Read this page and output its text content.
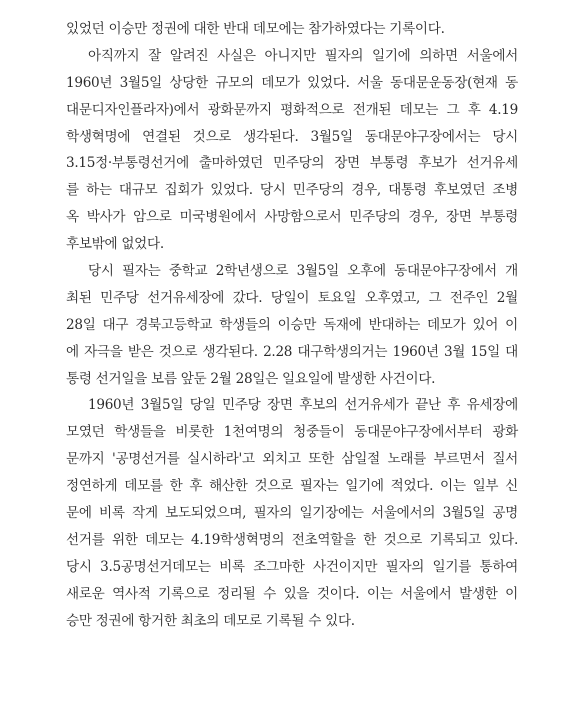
있었던 이승만 정권에 대한 반대 데모에는 참가하였다는 기록이다.
아직까지 잘 알려진 사실은 아니지만 필자의 일기에 의하면 서울에서
1960년 3월5일 상당한 규모의 데모가 있었다. 서울 동대문운동장(현재 동
대문디자인플라자)에서 광화문까지 평화적으로 전개된 데모는 그 후 4.19
학생혁명에 연결된 것으로 생각된다. 3월5일 동대문야구장에서는 당시
3.15정·부통령선거에 출마하였던 민주당의 장면 부통령 후보가 선거유세
를 하는 대규모 집회가 있었다. 당시 민주당의 경우, 대통령 후보였던 조병
옥 박사가 암으로 미국병원에서 사망함으로서 민주당의 경우, 장면 부통령
후보밖에 없었다.
당시 필자는 중학교 2학년생으로 3월5일 오후에 동대문야구장에서 개
최된 민주당 선거유세장에 갔다. 당일이 토요일 오후였고, 그 전주인 2월
28일 대구 경북고등학교 학생들의 이승만 독재에 반대하는 데모가 있어 이
에 자극을 받은 것으로 생각된다. 2.28 대구학생의거는 1960년 3월 15일 대
통령 선거일을 보름 앞둔 2월 28일은 일요일에 발생한 사건이다.
1960년 3월5일 당일 민주당 장면 후보의 선거유세가 끝난 후 유세장에
모였던 학생들을 비롯한 1천여명의 청중들이 동대문야구장에서부터 광화
문까지 '공명선거를 실시하라'고 외치고 또한 삼일절 노래를 부르면서 질서
정연하게 데모를 한 후 해산한 것으로 필자는 일기에 적었다. 이는 일부 신
문에 비록 작게 보도되었으며, 필자의 일기장에는 서울에서의 3월5일 공명
선거를 위한 데모는 4.19학생혁명의 전초역할을 한 것으로 기록되고 있다.
당시 3.5공명선거데모는 비록 조그마한 사건이지만 필자의 일기를 통하여
새로운 역사적 기록으로 정리될 수 있을 것이다. 이는 서울에서 발생한 이
승만 정권에 항거한 최초의 데모로 기록될 수 있다.
